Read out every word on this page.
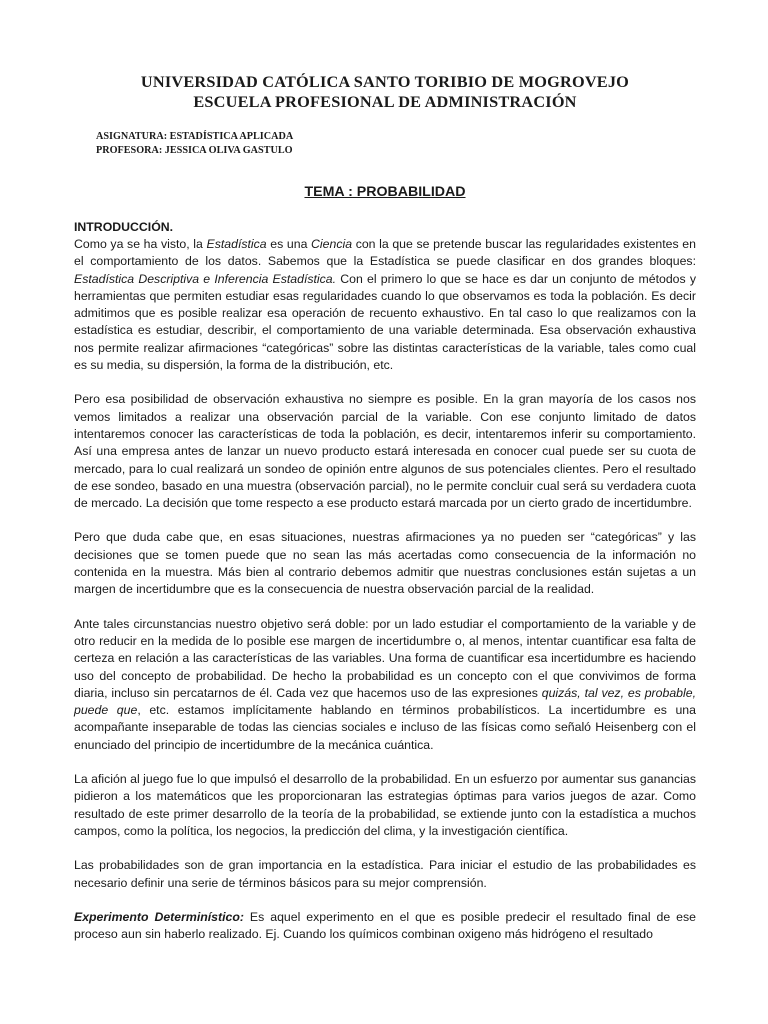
UNIVERSIDAD CATÓLICA SANTO TORIBIO DE MOGROVEJO
ESCUELA PROFESIONAL DE ADMINISTRACIÓN
ASIGNATURA: ESTADÍSTICA APLICADA
PROFESORA: JESSICA OLIVA GASTULO
TEMA : PROBABILIDAD
INTRODUCCIÓN.

Como ya se ha visto, la Estadística es una Ciencia con la que se pretende buscar las regularidades existentes en el comportamiento de los datos. Sabemos que la Estadística se puede clasificar en dos grandes bloques: Estadística Descriptiva e Inferencia Estadística. Con el primero lo que se hace es dar un conjunto de métodos y herramientas que permiten estudiar esas regularidades cuando lo que observamos es toda la población. Es decir admitimos que es posible realizar esa operación de recuento exhaustivo. En tal caso lo que realizamos con la estadística es estudiar, describir, el comportamiento de una variable determinada. Esa observación exhaustiva nos permite realizar afirmaciones “categóricas” sobre las distintas características de la variable, tales como cual es su media, su dispersión, la forma de la distribución, etc.

Pero esa posibilidad de observación exhaustiva no siempre es posible. En la gran mayoría de los casos nos vemos limitados a realizar una observación parcial de la variable. Con ese conjunto limitado de datos intentaremos conocer las características de toda la población, es decir, intentaremos inferir su comportamiento. Así una empresa antes de lanzar un nuevo producto estará interesada en conocer cual puede ser su cuota de mercado, para lo cual realizará un sondeo de opinión entre algunos de sus potenciales clientes. Pero el resultado de ese sondeo, basado en una muestra (observación parcial), no le permite concluir cual será su verdadera cuota de mercado. La decisión que tome respecto a ese producto estará marcada por un cierto grado de incertidumbre.

Pero que duda cabe que, en esas situaciones, nuestras afirmaciones ya no pueden ser “categóricas” y las decisiones que se tomen puede que no sean las más acertadas como consecuencia de la información no contenida en la muestra. Más bien al contrario debemos admitir que nuestras conclusiones están sujetas a un margen de incertidumbre que es la consecuencia de nuestra observación parcial de la realidad.

Ante tales circunstancias nuestro objetivo será doble: por un lado estudiar el comportamiento de la variable y de otro reducir en la medida de lo posible ese margen de incertidumbre o, al menos, intentar cuantificar esa falta de certeza en relación a las características de las variables. Una forma de cuantificar esa incertidumbre es haciendo uso del concepto de probabilidad. De hecho la probabilidad es un concepto con el que convivimos de forma diaria, incluso sin percatarnos de él. Cada vez que hacemos uso de las expresiones quizás, tal vez, es probable, puede que, etc. estamos implícitamente hablando en términos probabilísticos. La incertidumbre es una acompañante inseparable de todas las ciencias sociales e incluso de las físicas como señaló Heisenberg con el enunciado del principio de incertidumbre de la mecánica cuántica.

La afición al juego fue lo que impulsó el desarrollo de la probabilidad. En un esfuerzo por aumentar sus ganancias pidieron a los matemáticos que les proporcionaran las estrategias óptimas para varios juegos de azar. Como resultado de este primer desarrollo de la teoría de la probabilidad, se extiende junto con la estadística a muchos campos, como la política, los negocios, la predicción del clima, y la investigación científica.

Las probabilidades son de gran importancia en la estadística. Para iniciar el estudio de las probabilidades es necesario definir una serie de términos básicos para su mejor comprensión.

Experimento Determinístico: Es aquel experimento en el que es posible predecir el resultado final de ese proceso aun sin haberlo realizado. Ej. Cuando los químicos combinan oxigeno más hidrógeno el resultado
